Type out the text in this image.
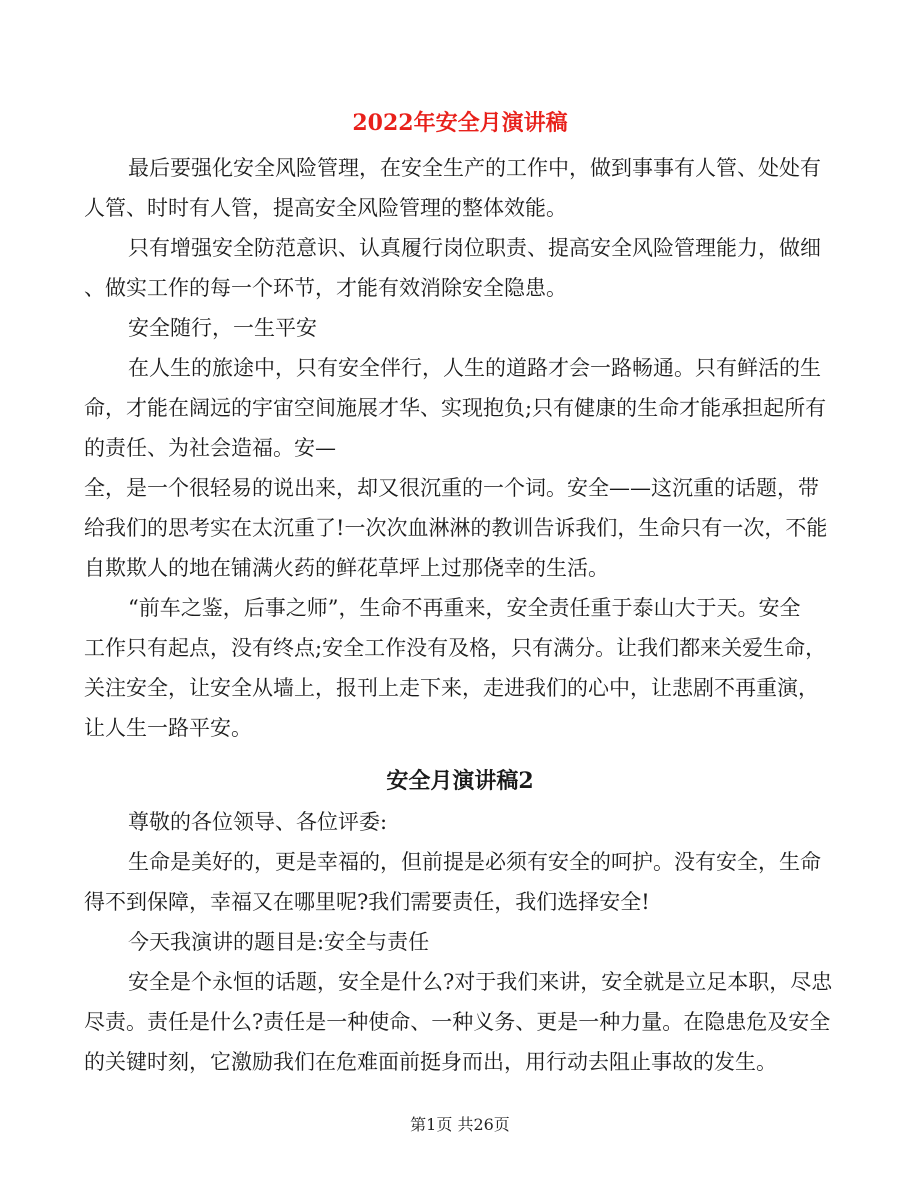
2022年安全月演讲稿
最后要强化安全风险管理，在安全生产的工作中，做到事事有人管、处处有
人管、时时有人管，提高安全风险管理的整体效能。
只有增强安全防范意识、认真履行岗位职责、提高安全风险管理能力，做细
、做实工作的每一个环节，才能有效消除安全隐患。
安全随行，一生平安
在人生的旅途中，只有安全伴行，人生的道路才会一路畅通。只有鲜活的生
命，才能在阔远的宇宙空间施展才华、实现抱负;只有健康的生命才能承担起所有
的责任、为社会造福。安—
全，是一个很轻易的说出来，却又很沉重的一个词。安全——这沉重的话题，带
给我们的思考实在太沉重了!一次次血淋淋的教训告诉我们，生命只有一次，不能
自欺欺人的地在铺满火药的鲜花草坪上过那侥幸的生活。
“前车之鉴，后事之师”，生命不再重来，安全责任重于泰山大于天。安全
工作只有起点，没有终点;安全工作没有及格，只有满分。让我们都来关爱生命，
关注安全，让安全从墙上，报刊上走下来，走进我们的心中，让悲剧不再重演，
让人生一路平安。
安全月演讲稿2
尊敬的各位领导、各位评委:
生命是美好的，更是幸福的，但前提是必须有安全的呵护。没有安全，生命
得不到保障，幸福又在哪里呢?我们需要责任，我们选择安全!
今天我演讲的题目是:安全与责任
安全是个永恒的话题，安全是什么?对于我们来讲，安全就是立足本职，尽忠
尽责。责任是什么?责任是一种使命、一种义务、更是一种力量。在隐患危及安全
的关键时刻，它激励我们在危难面前挺身而出，用行动去阻止事故的发生。
第1页 共26页
